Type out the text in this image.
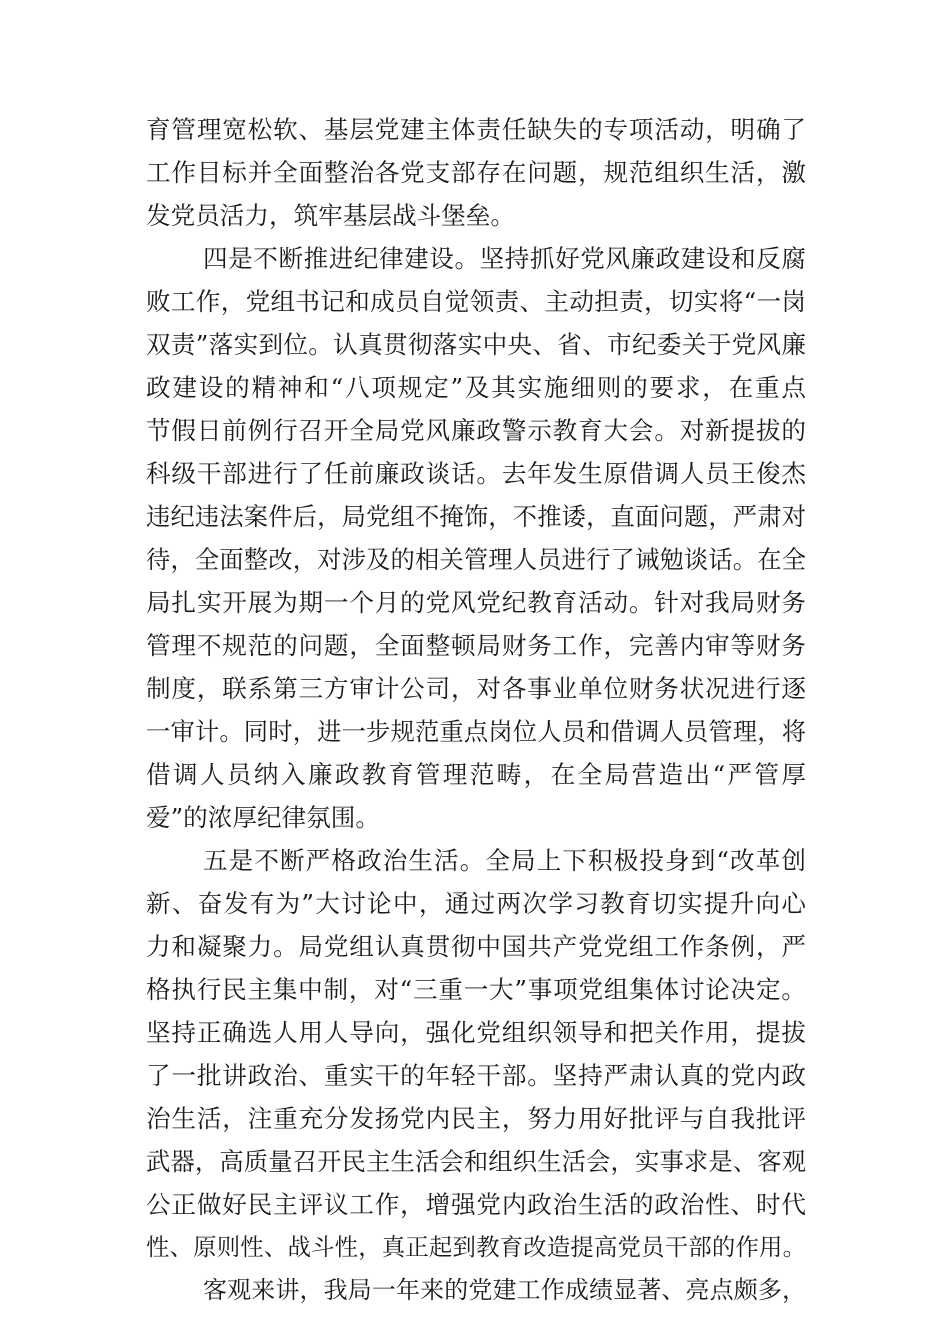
育管理宽松软、基层党建主体责任缺失的专项活动，明确了
工作目标并全面整治各党支部存在问题，规范组织生活，激
发党员活力，筑牢基层战斗堡垒。
四是不断推进纪律建设。坚持抓好党风廉政建设和反腐
败工作，党组书记和成员自觉领责、主动担责，切实将“一岗
双责”落实到位。认真贯彻落实中央、省、市纪委关于党风廉
政建设的精神和“八项规定”及其实施细则的要求，在重点
节假日前例行召开全局党风廉政警示教育大会。对新提拔的
科级干部进行了任前廉政谈话。去年发生原借调人员王俊杰
违纪违法案件后，局党组不掩饰，不推诿，直面问题，严肃对
待，全面整改，对涉及的相关管理人员进行了诫勉谈话。在全
局扎实开展为期一个月的党风党纪教育活动。针对我局财务
管理不规范的问题，全面整顿局财务工作，完善内审等财务
制度，联系第三方审计公司，对各事业单位财务状况进行逐
一审计。同时，进一步规范重点岗位人员和借调人员管理，将
借调人员纳入廉政教育管理范畴，在全局营造出“严管厚
爱”的浓厚纪律氛围。
五是不断严格政治生活。全局上下积极投身到“改革创
新、奋发有为”大讨论中，通过两次学习教育切实提升向心
力和凝聚力。局党组认真贯彻中国共产党党组工作条例，严
格执行民主集中制，对“三重一大”事项党组集体讨论决定。
坚持正确选人用人导向，强化党组织领导和把关作用，提拔
了一批讲政治、重实干的年轻干部。坚持严肃认真的党内政
治生活，注重充分发扬党内民主，努力用好批评与自我批评
武器，高质量召开民主生活会和组织生活会，实事求是、客观
公正做好民主评议工作，增强党内政治生活的政治性、时代
性、原则性、战斗性，真正起到教育改造提高党员干部的作用。
客观来讲，我局一年来的党建工作成绩显著、亮点颇多，
